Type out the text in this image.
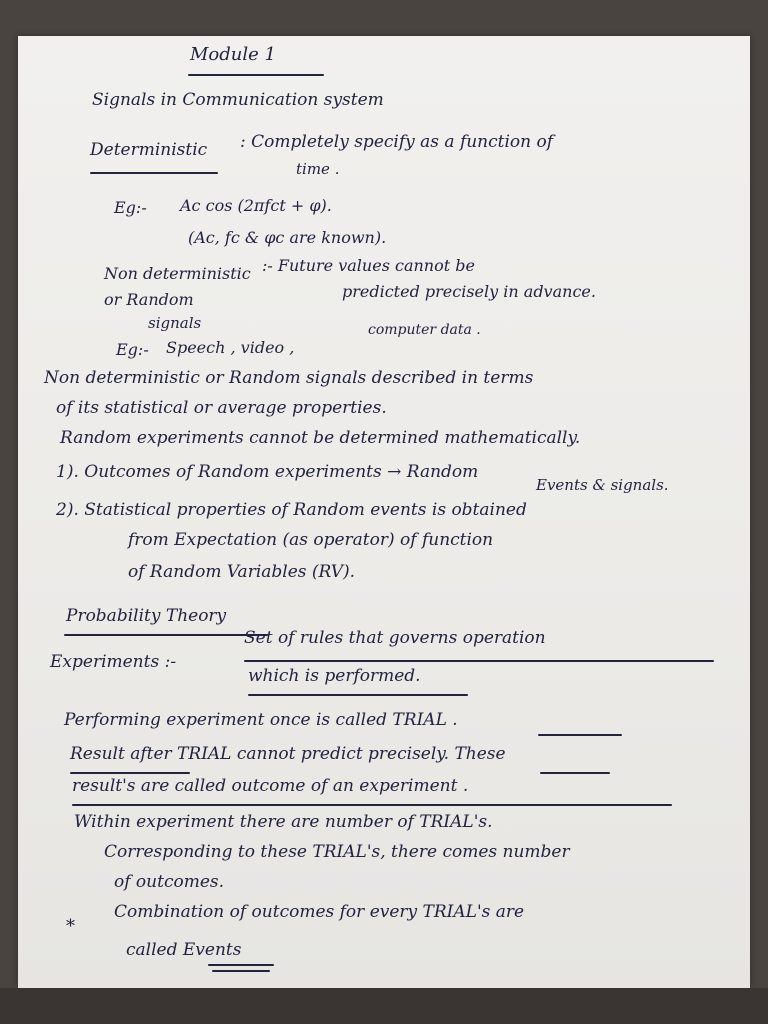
Module 1
Signals in Communication system
Deterministic : Completely specify as a function of
time .
Eg:- Ac cos (2πfct + φ).
(Ac, fc & φc are known).
Non deterministic :- Future values cannot be
or Random	predicted precisely in advance.
signals
Eg:- Speech , video ,
computer data .
Non deterministic or Random signals described in terms
of its statistical or average properties.
Random experiments cannot be determined mathematically.
1). Outcomes of Random experiments → Random
Events & signals.
2). Statistical properties of Random events is obtained
from Expectation (as operator) of function
of Random Variables (RV).
Probability Theory
Experiments :-
Set of rules that governs operation
which is performed.
Performing experiment once is called TRIAL .
Result after TRIAL cannot predict precisely. These
result's are called outcome of an experiment .
Within experiment there are number of TRIAL's.
Corresponding to these TRIAL's, there comes number
of outcomes.
*
Combination of outcomes for every TRIAL's are
called Events
